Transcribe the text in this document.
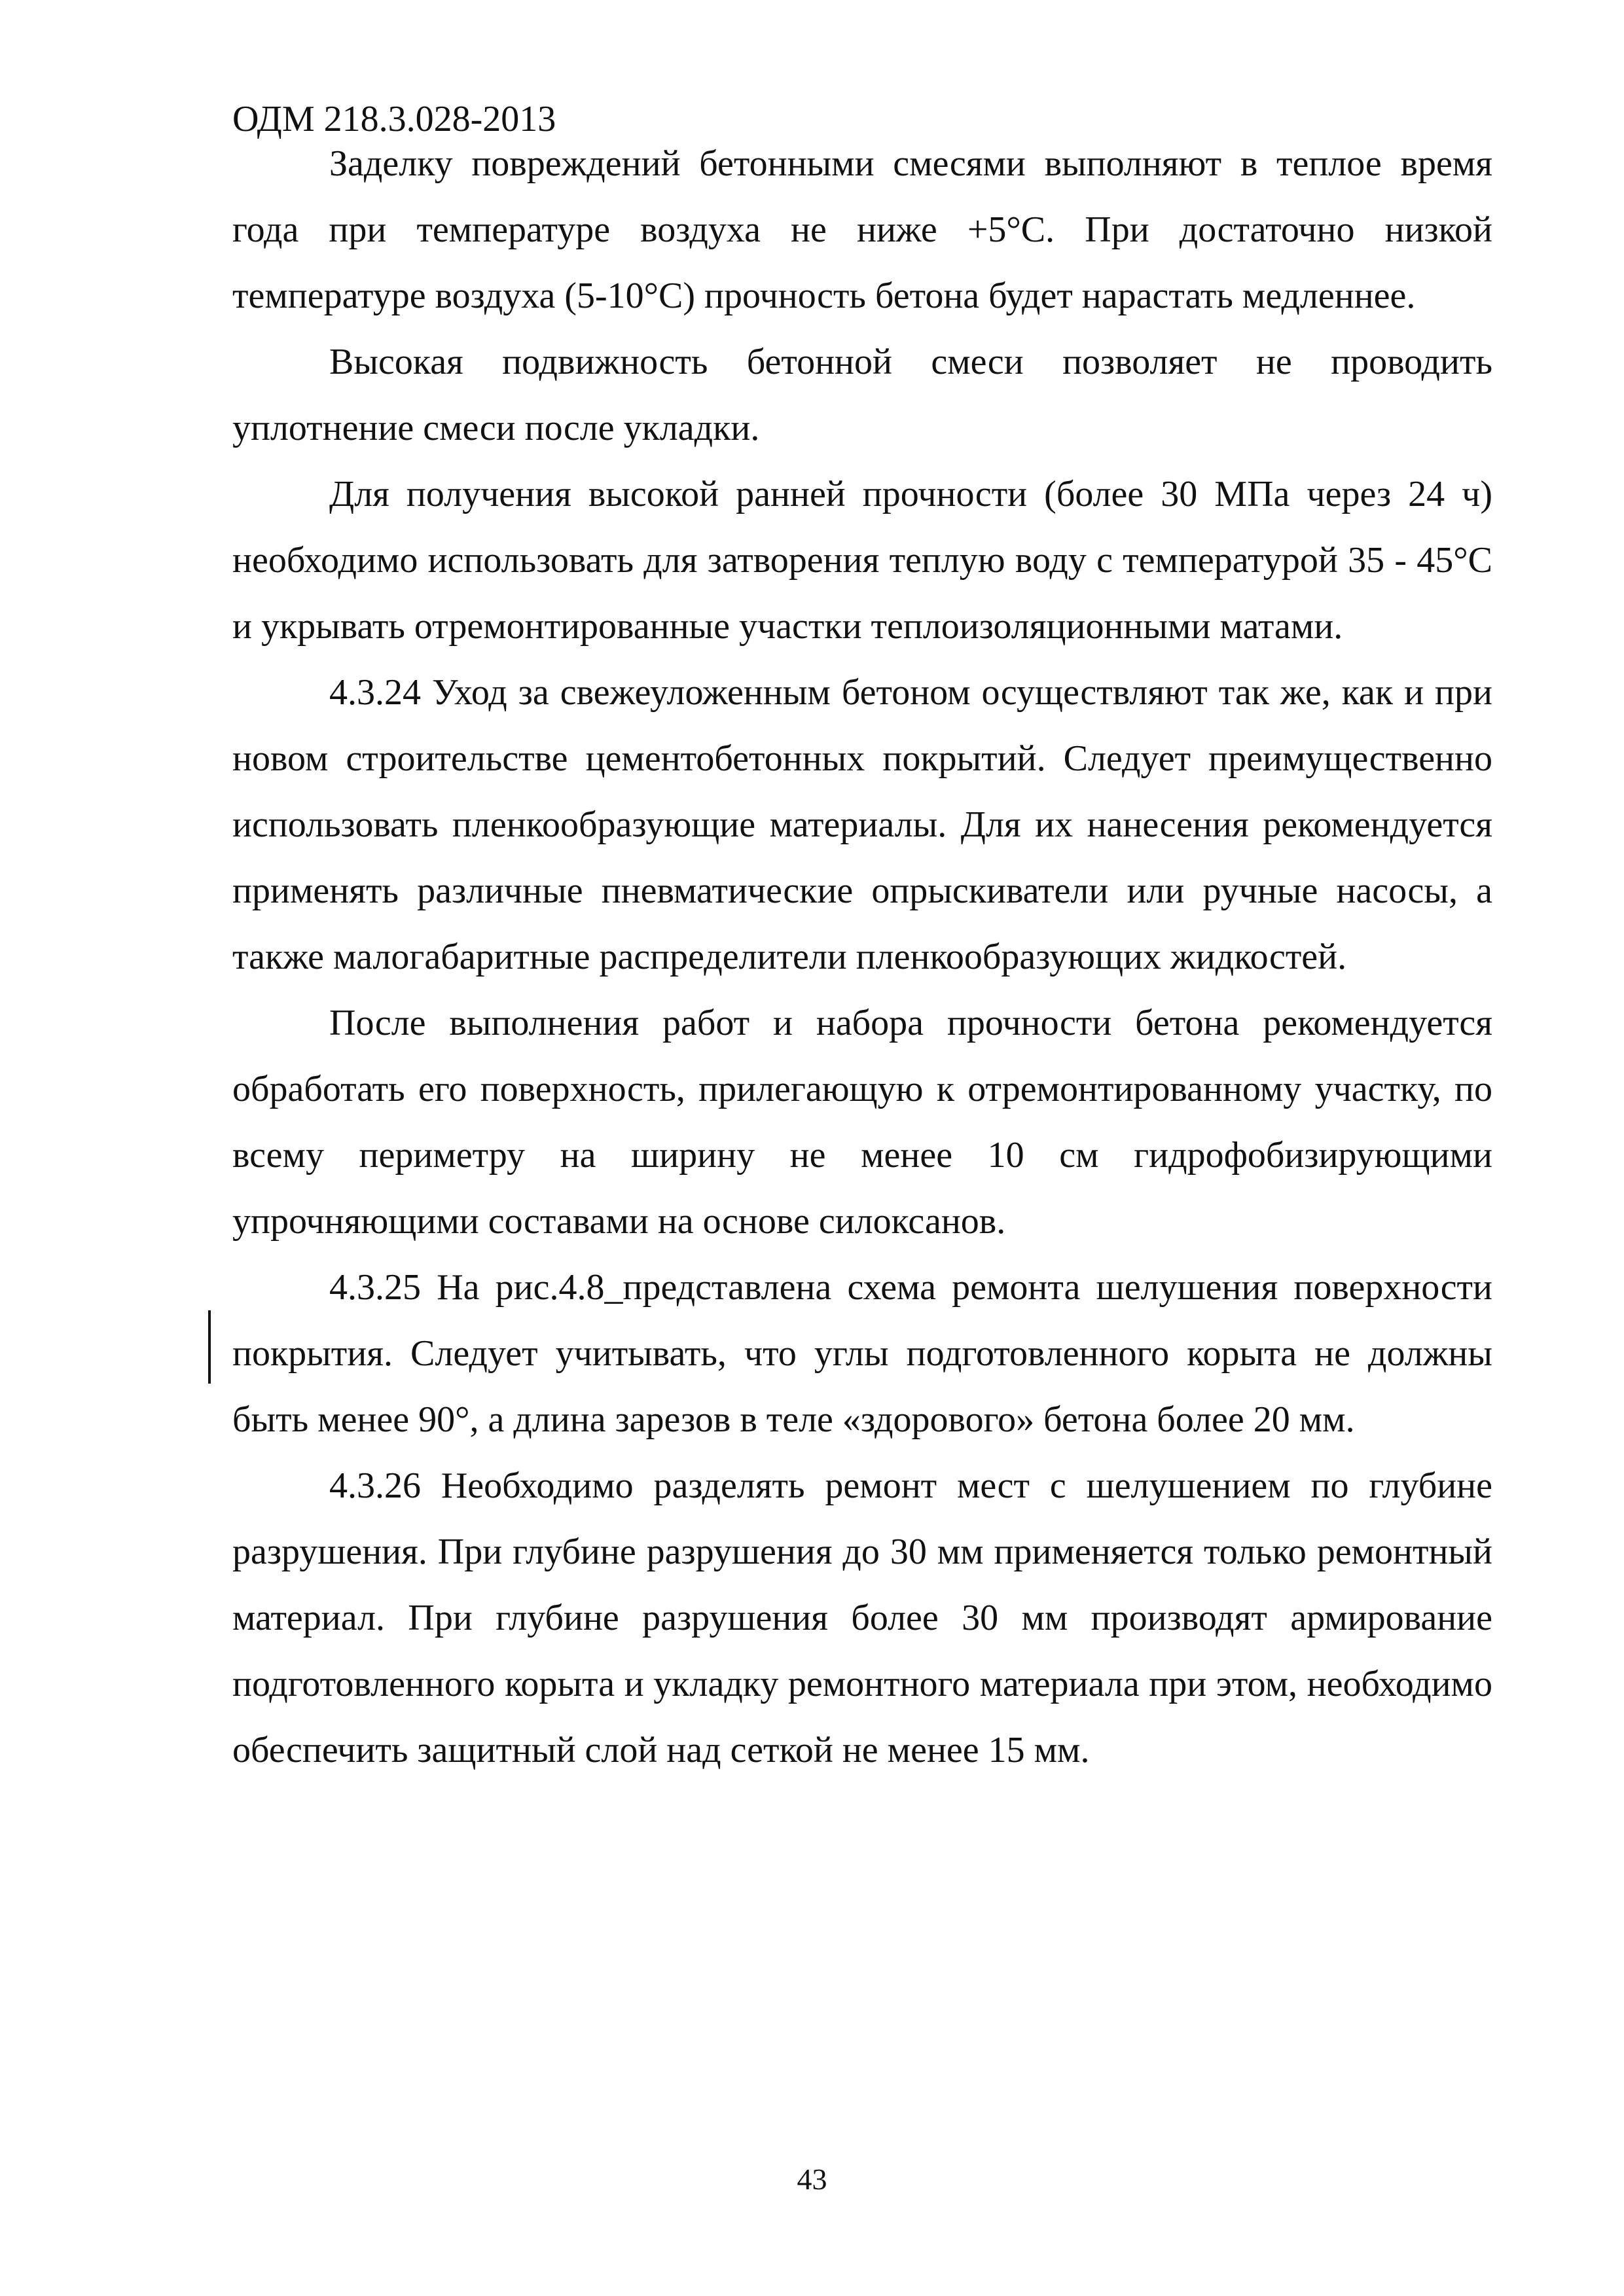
ОДМ 218.3.028-2013

Заделку повреждений бетонными смесями выполняют в теплое время года при температуре воздуха не ниже +5°С. При достаточно низкой температуре воздуха (5-10°С) прочность бетона будет нарастать медленнее.

Высокая подвижность бетонной смеси позволяет не проводить уплотнение смеси после укладки.

Для получения высокой ранней прочности (более 30 МПа через 24 ч) необходимо использовать для затворения теплую воду с температурой 35 - 45°С и укрывать отремонтированные участки теплоизоляционными матами.

4.3.24 Уход за свежеуложенным бетоном осуществляют так же, как и при новом строительстве цементобетонных покрытий. Следует преимущественно использовать пленкообразующие материалы. Для их нанесения рекомендуется применять различные пневматические опрыскиватели или ручные насосы, а также малогабаритные распределители пленкообразующих жидкостей.

После выполнения работ и набора прочности бетона рекомендуется обработать его поверхность, прилегающую к отремонтированному участку, по всему периметру на ширину не менее 10 см гидрофобизирующими упрочняющими составами на основе силоксанов.

4.3.25 На рис.4.8_представлена схема ремонта шелушения поверхности покрытия. Следует учитывать, что углы подготовленного корыта не должны быть менее 90°, а длина зарезов в теле «здорового» бетона более 20 мм.

4.3.26 Необходимо разделять ремонт мест с шелушением по глубине разрушения. При глубине разрушения до 30 мм применяется только ремонтный материал. При глубине разрушения более 30 мм производят армирование подготовленного корыта и укладку ремонтного материала при этом, необходимо обеспечить защитный слой над сеткой не менее 15 мм.

43
